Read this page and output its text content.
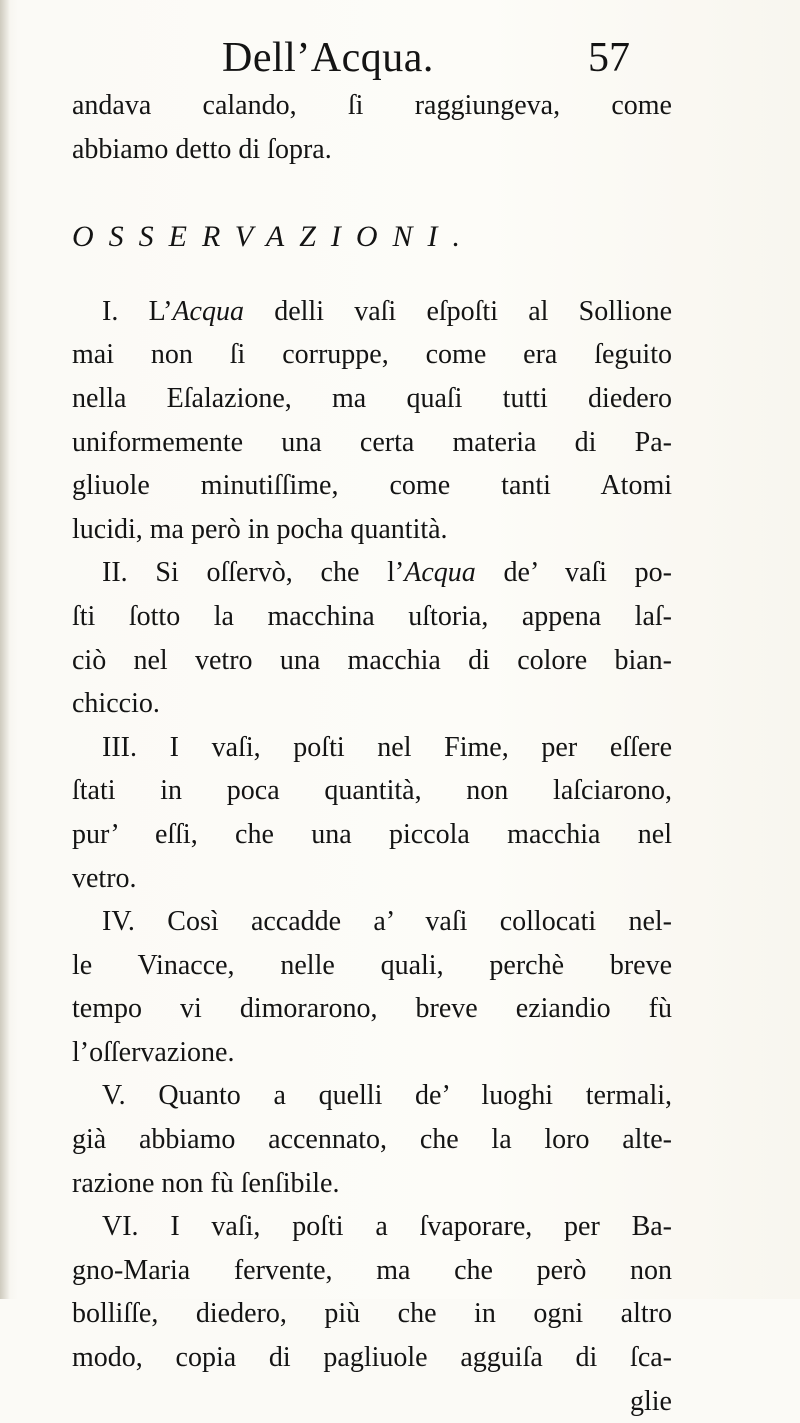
Dell’Acqua.	57
andava calando, ſi raggiungeva, come
abbiamo detto di ſopra.
OSSERVAZIONI.
I. L’Acqua delli vaſi eſpoſti al Sollione
mai non ſi corruppe, come era ſeguito
nella Eſalazione, ma quaſi tutti diedero
uniformemente una certa materia di Pa-
gliuole minutiſſime, come tanti Atomi
lucidi, ma però in pocha quantità.
II. Si oſſervò, che l’Acqua de’ vaſi po-
ſti ſotto la macchina uſtoria, appena laſ-
ciò nel vetro una macchia di colore bian-
chiccio.
III. I vaſi, poſti nel Fime, per eſſere
ſtati in poca quantità, non laſciarono,
pur’ eſſi, che una piccola macchia nel
vetro.
IV. Così accadde a’ vaſi collocati nel-
le Vinacce, nelle quali, perchè breve
tempo vi dimorarono, breve eziandio fù
l’oſſervazione.
V. Quanto a quelli de’ luoghi termali,
già abbiamo accennato, che la loro alte-
razione non fù ſenſibile.
VI. I vaſi, poſti a ſvaporare, per Ba-
gno-Maria fervente, ma che però non
bolliſſe, diedero, più che in ogni altro
modo, copia di pagliuole agguiſa di ſca-
glie
